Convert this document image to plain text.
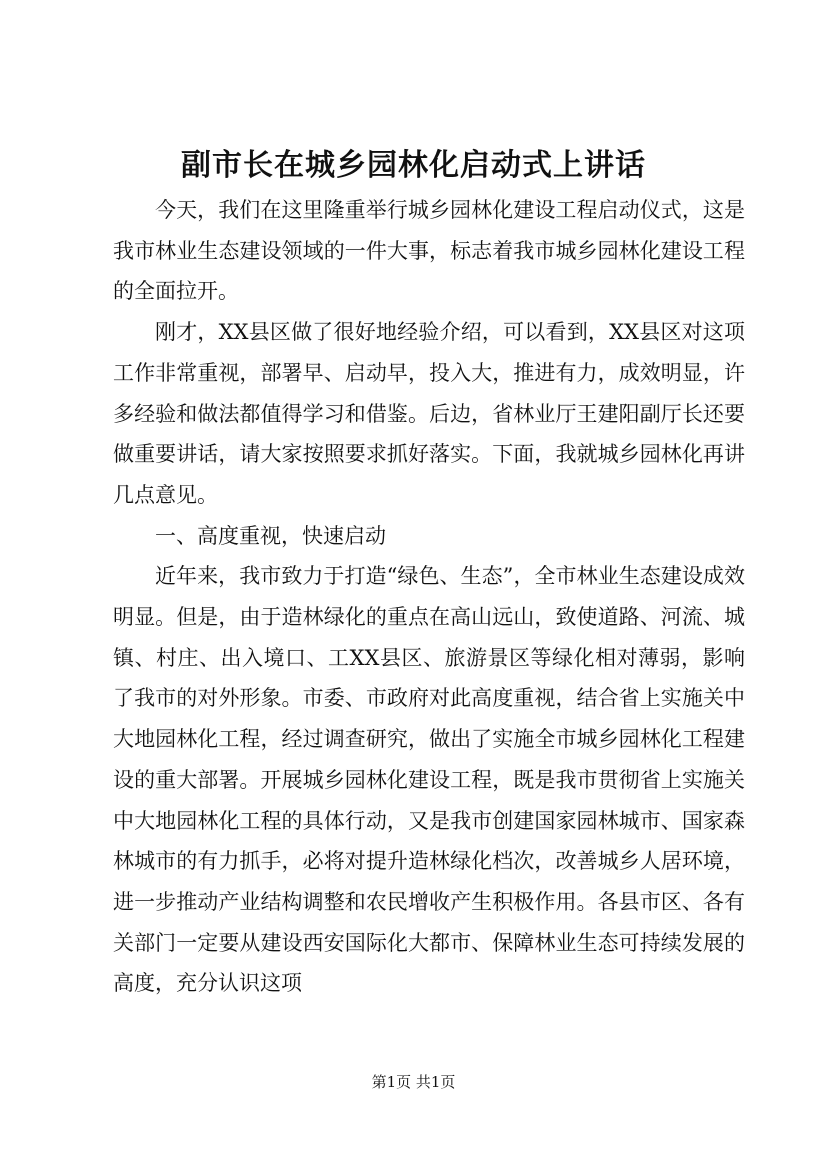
副市长在城乡园林化启动式上讲话

今天，我们在这里隆重举行城乡园林化建设工程启动仪式，这是我市林业生态建设领域的一件大事，标志着我市城乡园林化建设工程的全面拉开。

刚才，XX县区做了很好地经验介绍，可以看到，XX县区对这项工作非常重视，部署早、启动早，投入大，推进有力，成效明显，许多经验和做法都值得学习和借鉴。后边，省林业厅王建阳副厅长还要做重要讲话，请大家按照要求抓好落实。下面，我就城乡园林化再讲几点意见。

一、高度重视，快速启动

近年来，我市致力于打造“绿色、生态”，全市林业生态建设成效明显。但是，由于造林绿化的重点在高山远山，致使道路、河流、城镇、村庄、出入境口、工XX县区、旅游景区等绿化相对薄弱，影响了我市的对外形象。市委、市政府对此高度重视，结合省上实施关中大地园林化工程，经过调查研究，做出了实施全市城乡园林化工程建设的重大部署。开展城乡园林化建设工程，既是我市贯彻省上实施关中大地园林化工程的具体行动，又是我市创建国家园林城市、国家森林城市的有力抓手，必将对提升造林绿化档次，改善城乡人居环境，进一步推动产业结构调整和农民增收产生积极作用。各县市区、各有关部门一定要从建设西安国际化大都市、保障林业生态可持续发展的高度，充分认识这项

第1页 共1页
